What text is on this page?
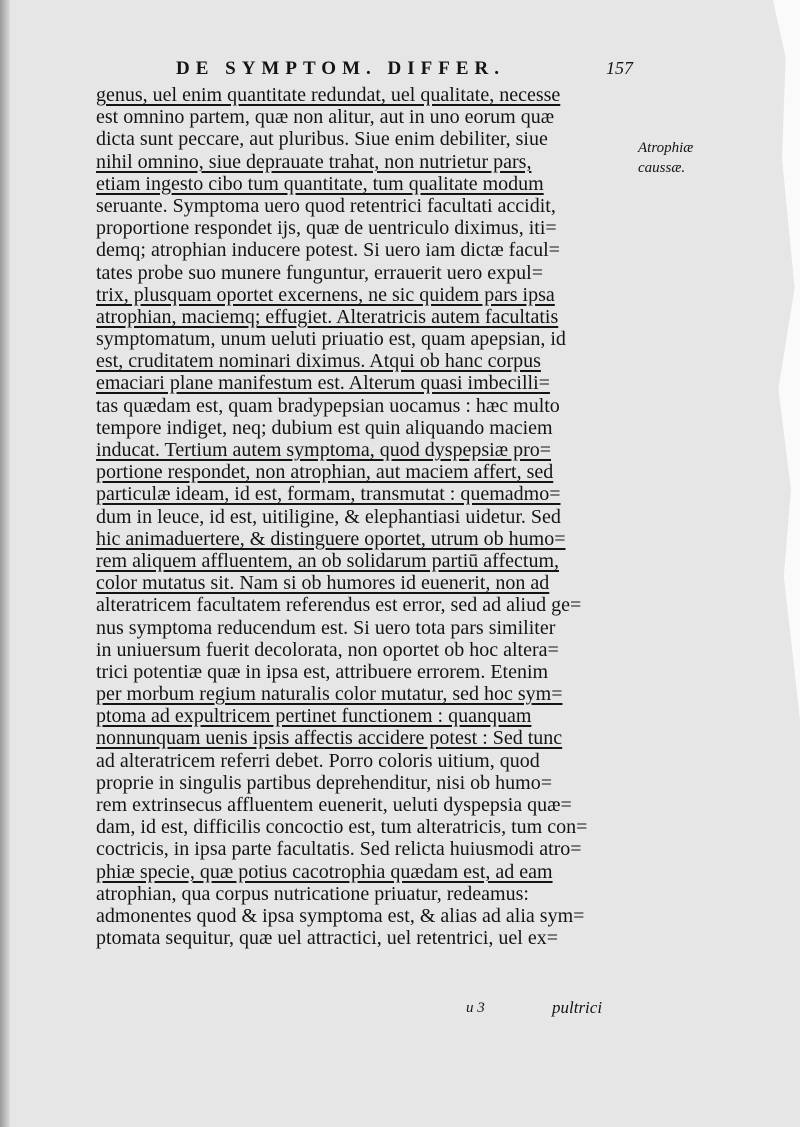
DE SYMPTOM. DIFFER.	157
Atrophiæ
caussæ.
genus, uel enim quantitate redundat, uel qualitate, necesse
est omnino partem, quæ non alitur, aut in uno eorum quæ
dicta sunt peccare, aut pluribus. Siue enim debiliter, siue
nihil omnino, siue deprauate trahat, non nutrietur pars,
etiam ingesto cibo tum quantitate, tum qualitate modum
seruante. Symptoma uero quod retentrici facultati accidit,
proportione respondet ijs, quæ de uentriculo diximus, iti=
demq; atrophian inducere potest. Si uero iam dictæ facul=
tates probe suo munere funguntur, errauerit uero expul=
trix, plusquam oportet excernens, ne sic quidem pars ipsa
atrophian, maciemq; effugiet. Alteratricis autem facultatis
symptomatum, unum ueluti priuatio est, quam apepsian, id
est, cruditatem nominari diximus. Atqui ob hanc corpus
emaciari plane manifestum est. Alterum quasi imbecilli=
tas quædam est, quam bradypepsian uocamus : hæc multo
tempore indiget, neq; dubium est quin aliquando maciem
inducat. Tertium autem symptoma, quod dyspepsiæ pro=
portione respondet, non atrophian, aut maciem affert, sed
particulæ ideam, id est, formam, transmutat : quemadmo=
dum in leuce, id est, uitiligine, & elephantiasi uidetur. Sed
hic animaduertere, & distinguere oportet, utrum ob humo=
rem aliquem affluentem, an ob solidarum partiū affectum,
color mutatus sit. Nam si ob humores id euenerit, non ad
alteratricem facultatem referendus est error, sed ad aliud ge=
nus symptoma reducendum est. Si uero tota pars similiter
in uniuersum fuerit decolorata, non oportet ob hoc altera=
trici potentiæ quæ in ipsa est, attribuere errorem. Etenim
per morbum regium naturalis color mutatur, sed hoc sym=
ptoma ad expultricem pertinet functionem : quanquam
nonnunquam uenis ipsis affectis accidere potest : Sed tunc
ad alteratricem referri debet. Porro coloris uitium, quod
proprie in singulis partibus deprehenditur, nisi ob humo=
rem extrinsecus affluentem euenerit, ueluti dyspepsia quæ=
dam, id est, difficilis concoctio est, tum alteratricis, tum con=
coctricis, in ipsa parte facultatis. Sed relicta huiusmodi atro=
phiæ specie, quæ potius cacotrophia quædam est, ad eam
atrophian, qua corpus nutricatione priuatur, redeamus:
admonentes quod & ipsa symptoma est, & alias ad alia sym=
ptomata sequitur, quæ uel attractici, uel retentrici, uel ex=
u 3	pultrici
